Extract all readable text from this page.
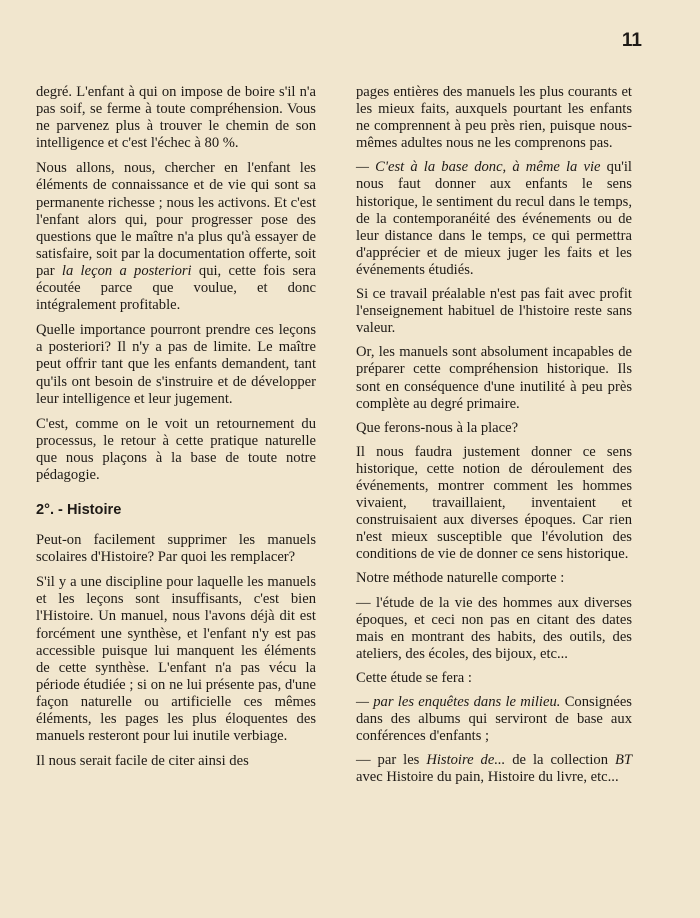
11

degré. L'enfant à qui on impose de boire s'il n'a pas soif, se ferme à toute compréhension. Vous ne parvenez plus à trouver le chemin de son intelligence et c'est l'échec à 80 %.

Nous allons, nous, chercher en l'enfant les éléments de connaissance et de vie qui sont sa permanente richesse ; nous les activons. Et c'est l'enfant alors qui, pour progresser pose des questions que le maître n'a plus qu'à essayer de satisfaire, soit par la documentation offerte, soit par la leçon a posteriori qui, cette fois sera écoutée parce que voulue, et donc intégralement profitable.

Quelle importance pourront prendre ces leçons a posteriori? Il n'y a pas de limite. Le maître peut offrir tant que les enfants demandent, tant qu'ils ont besoin de s'instruire et de développer leur intelligence et leur jugement.

C'est, comme on le voit un retournement du processus, le retour à cette pratique naturelle que nous plaçons à la base de toute notre pédagogie.

2°. - Histoire

Peut-on facilement supprimer les manuels scolaires d'Histoire? Par quoi les remplacer?

S'il y a une discipline pour laquelle les manuels et les leçons sont insuffisants, c'est bien l'Histoire. Un manuel, nous l'avons déjà dit est forcément une synthèse, et l'enfant n'y est pas accessible puisque lui manquent les éléments de cette synthèse. L'enfant n'a pas vécu la période étudiée ; si on ne lui présente pas, d'une façon naturelle ou artificielle ces mêmes éléments, les pages les plus éloquentes des manuels resteront pour lui inutile verbiage.

Il nous serait facile de citer ainsi des

pages entières des manuels les plus courants et les mieux faits, auxquels pourtant les enfants ne comprennent à peu près rien, puisque nous-mêmes adultes nous ne les comprenons pas.

— C'est à la base donc, à même la vie qu'il nous faut donner aux enfants le sens historique, le sentiment du recul dans le temps, de la contemporanéité des événements ou de leur distance dans le temps, ce qui permettra d'apprécier et de mieux juger les faits et les événements étudiés.

Si ce travail préalable n'est pas fait avec profit l'enseignement habituel de l'histoire reste sans valeur.

Or, les manuels sont absolument incapables de préparer cette compréhension historique. Ils sont en conséquence d'une inutilité à peu près complète au degré primaire.

Que ferons-nous à la place?

Il nous faudra justement donner ce sens historique, cette notion de déroulement des événements, montrer comment les hommes vivaient, travaillaient, inventaient et construisaient aux diverses époques. Car rien n'est mieux susceptible que l'évolution des conditions de vie de donner ce sens historique.

Notre méthode naturelle comporte :

— l'étude de la vie des hommes aux diverses époques, et ceci non pas en citant des dates mais en montrant des habits, des outils, des ateliers, des écoles, des bijoux, etc...

Cette étude se fera :

— par les enquêtes dans le milieu. Consignées dans des albums qui serviront de base aux conférences d'enfants ;

— par les Histoire de... de la collection BT avec Histoire du pain, Histoire du livre, etc...
